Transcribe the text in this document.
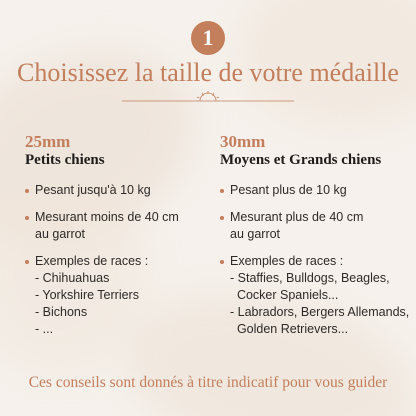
1
Choisissez la taille de votre médaille
25mm
Petits chiens
Pesant jusqu'à 10 kg
Mesurant moins de 40 cm
au garrot
Exemples de races :
- Chihuahuas
- Yorkshire Terriers
- Bichons
- ...
30mm
Moyens et Grands chiens
Pesant plus de 10 kg
Mesurant plus de 40 cm
au garrot
Exemples de races :
- Staffies, Bulldogs, Beagles,
Cocker Spaniels...
- Labradors, Bergers Allemands,
Golden Retrievers...
Ces conseils sont donnés à titre indicatif pour vous guider
